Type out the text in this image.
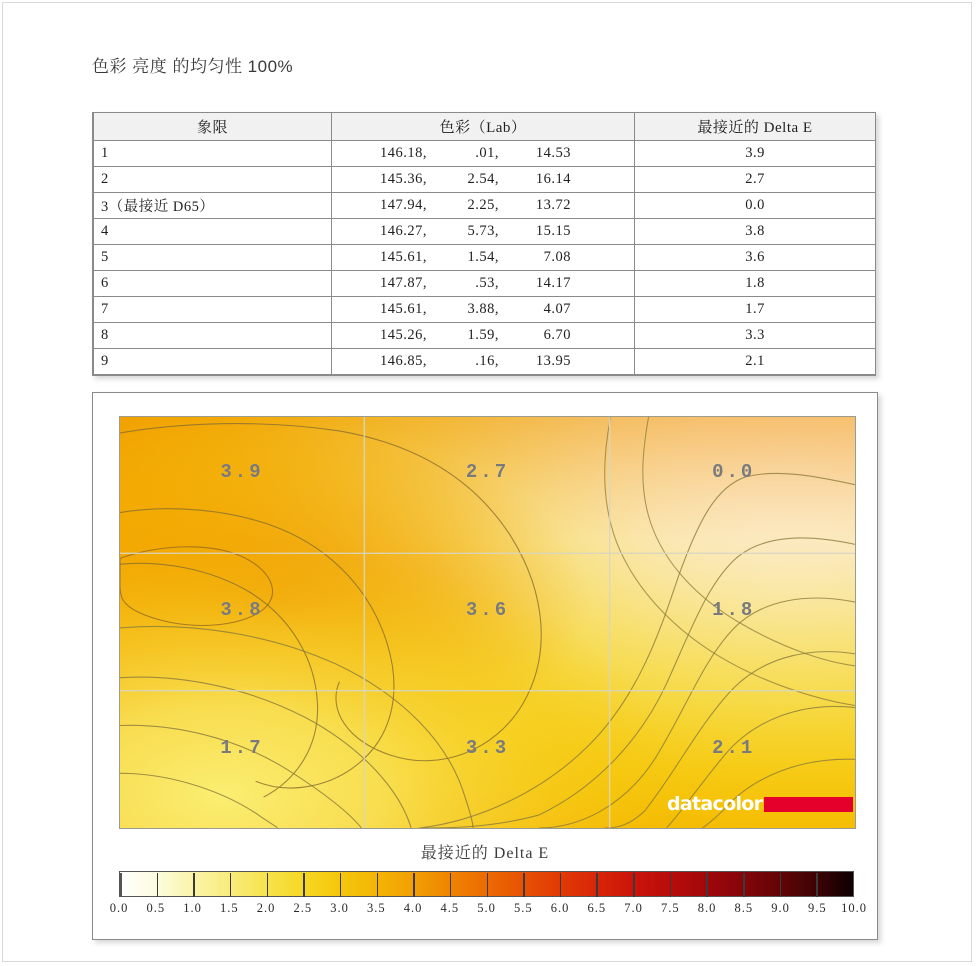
色彩 亮度 的均匀性 100%
象限	色彩（Lab）	最接近的 Delta E
1	146.18, .01, 14.53	3.9
2	145.36, 2.54, 16.14	2.7
3（最接近 D65）	147.94, 2.25, 13.72	0.0
4	146.27, 5.73, 15.15	3.8
5	145.61, 1.54, 7.08	3.6
6	147.87, .53, 14.17	1.8
7	145.61, 3.88, 4.07	1.7
8	145.26, 1.59, 6.70	3.3
9	146.85, .16, 13.95	2.1
3.9	2.7	0.0
3.8	3.6	1.8
1.7	3.3	2.1
datacolor
最接近的 Delta E
0.0 0.5 1.0 1.5 2.0 2.5 3.0 3.5 4.0 4.5 5.0 5.5 6.0 6.5 7.0 7.5 8.0 8.5 9.0 9.5 10.0
